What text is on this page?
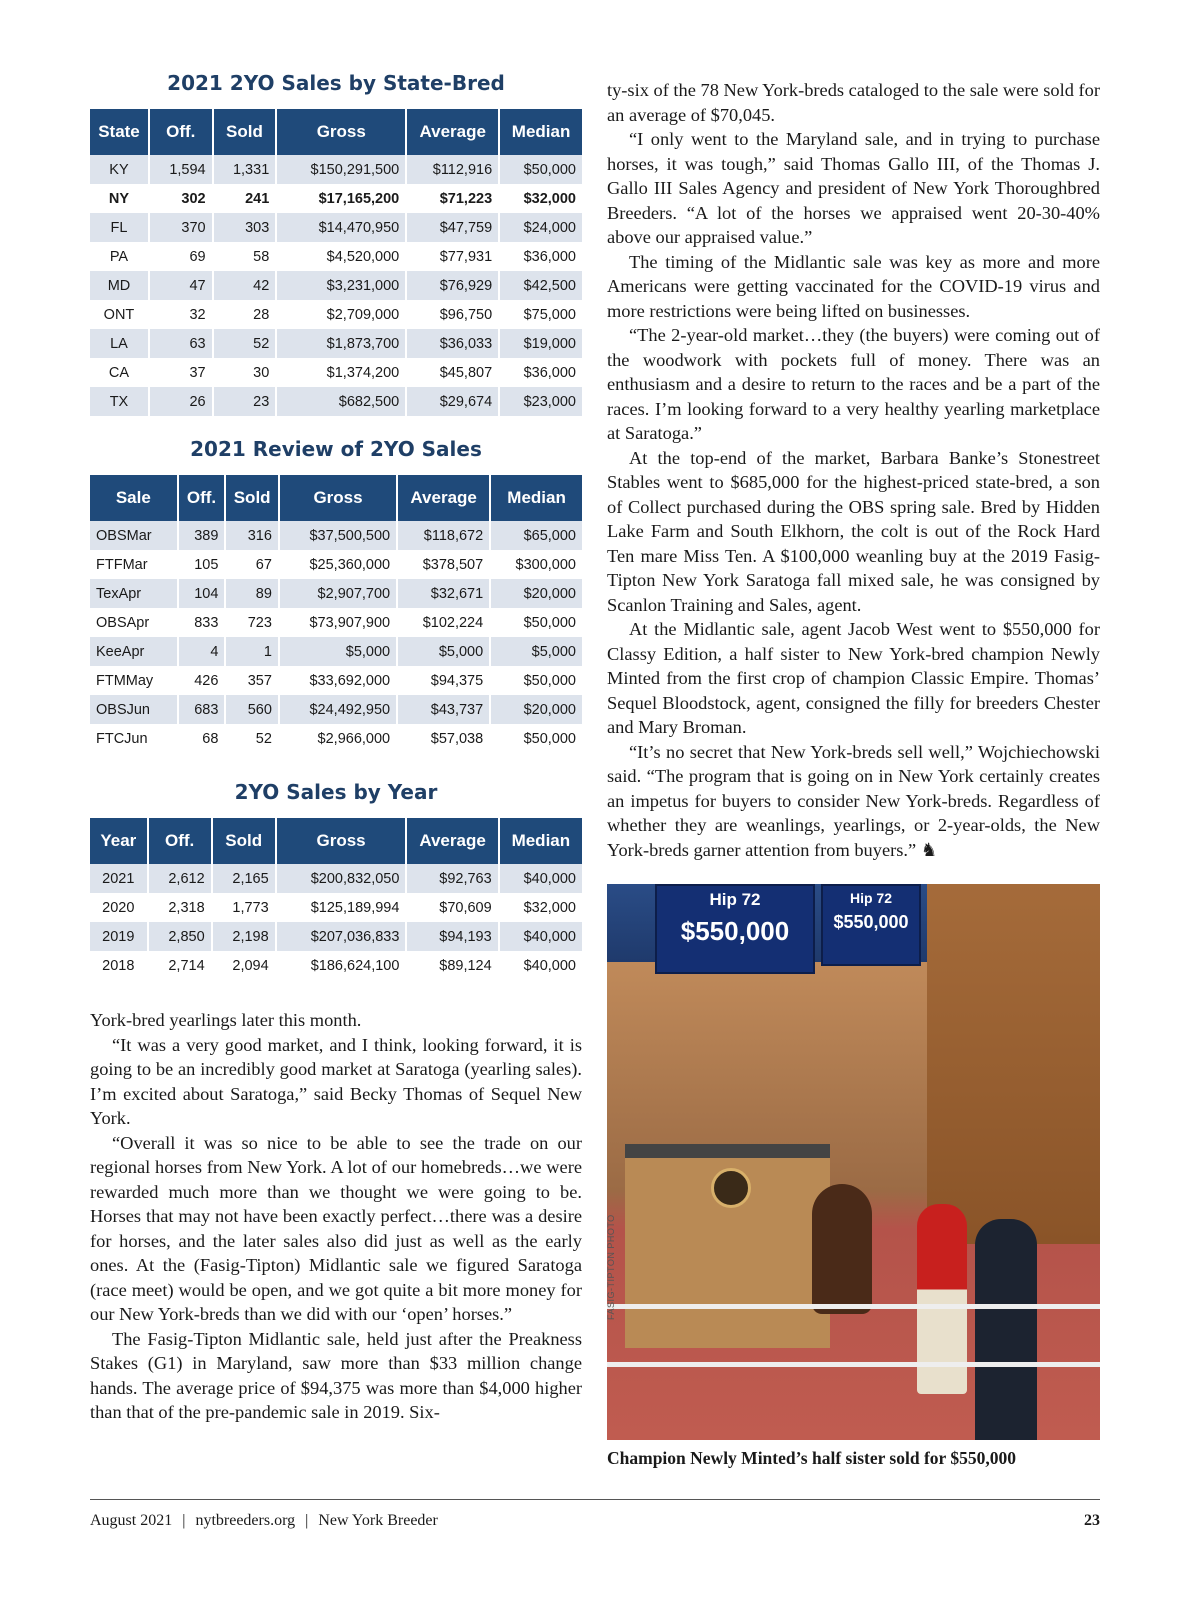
2021 2YO Sales by State-Bred
State	Off.	Sold	Gross	Average	Median
KY	1,594	1,331	$150,291,500	$112,916	$50,000
NY	302	241	$17,165,200	$71,223	$32,000
FL	370	303	$14,470,950	$47,759	$24,000
PA	69	58	$4,520,000	$77,931	$36,000
MD	47	42	$3,231,000	$76,929	$42,500
ONT	32	28	$2,709,000	$96,750	$75,000
LA	63	52	$1,873,700	$36,033	$19,000
CA	37	30	$1,374,200	$45,807	$36,000
TX	26	23	$682,500	$29,674	$23,000
2021 Review of 2YO Sales
Sale	Off.	Sold	Gross	Average	Median
OBSMar	389	316	$37,500,500	$118,672	$65,000
FTFMar	105	67	$25,360,000	$378,507	$300,000
TexApr	104	89	$2,907,700	$32,671	$20,000
OBSApr	833	723	$73,907,900	$102,224	$50,000
KeeApr	4	1	$5,000	$5,000	$5,000
FTMMay	426	357	$33,692,000	$94,375	$50,000
OBSJun	683	560	$24,492,950	$43,737	$20,000
FTCJun	68	52	$2,966,000	$57,038	$50,000
2YO Sales by Year
Year	Off.	Sold	Gross	Average	Median
2021	2,612	2,165	$200,832,050	$92,763	$40,000
2020	2,318	1,773	$125,189,994	$70,609	$32,000
2019	2,850	2,198	$207,036,833	$94,193	$40,000
2018	2,714	2,094	$186,624,100	$89,124	$40,000

York-bred yearlings later this month.

“It was a very good market, and I think, looking forward, it is going to be an incredibly good market at Saratoga (yearling sales). I’m excited about Saratoga,” said Becky Thomas of Sequel New York.

“Overall it was so nice to be able to see the trade on our regional horses from New York. A lot of our homebreds…we were rewarded much more than we thought we were going to be. Horses that may not have been exactly perfect…there was a desire for horses, and the later sales also did just as well as the early ones. At the (Fasig-Tipton) Midlantic sale we figured Saratoga (race meet) would be open, and we got quite a bit more money for our New York-breds than we did with our ‘open’ horses.”

The Fasig-Tipton Midlantic sale, held just after the Preakness Stakes (G1) in Maryland, saw more than $33 million change hands. The average price of $94,375 was more than $4,000 higher than that of the pre-pandemic sale in 2019. Six-

ty-six of the 78 New York-breds cataloged to the sale were sold for an average of $70,045.

“I only went to the Maryland sale, and in trying to purchase horses, it was tough,” said Thomas Gallo III, of the Thomas J. Gallo III Sales Agency and president of New York Thoroughbred Breeders. “A lot of the horses we appraised went 20-30-40% above our appraised value.”

The timing of the Midlantic sale was key as more and more Americans were getting vaccinated for the COVID-19 virus and more restrictions were being lifted on businesses.

“The 2-year-old market…they (the buyers) were coming out of the woodwork with pockets full of money. There was an enthusiasm and a desire to return to the races and be a part of the races. I’m looking forward to a very healthy yearling marketplace at Saratoga.”

At the top-end of the market, Barbara Banke’s Stonestreet Stables went to $685,000 for the highest-priced state-bred, a son of Collect purchased during the OBS spring sale. Bred by Hidden Lake Farm and South Elkhorn, the colt is out of the Rock Hard Ten mare Miss Ten. A $100,000 weanling buy at the 2019 Fasig-Tipton New York Saratoga fall mixed sale, he was consigned by Scanlon Training and Sales, agent.

At the Midlantic sale, agent Jacob West went to $550,000 for Classy Edition, a half sister to New York-bred champion Newly Minted from the first crop of champion Classic Empire. Thomas’ Sequel Bloodstock, agent, consigned the filly for breeders Chester and Mary Broman.

“It’s no secret that New York-breds sell well,” Wojchiechowski said. “The program that is going on in New York certainly creates an impetus for buyers to consider New York-breds. Regardless of whether they are weanlings, yearlings, or 2-year-olds, the New York-breds garner attention from buyers.” ♞

Hip 72
$550,000
Hip 72
$550,000
Champion Newly Minted’s half sister sold for $550,000
FASIG-TIPTON PHOTO
August 2021 | nytbreeders.org | New York Breeder	23
